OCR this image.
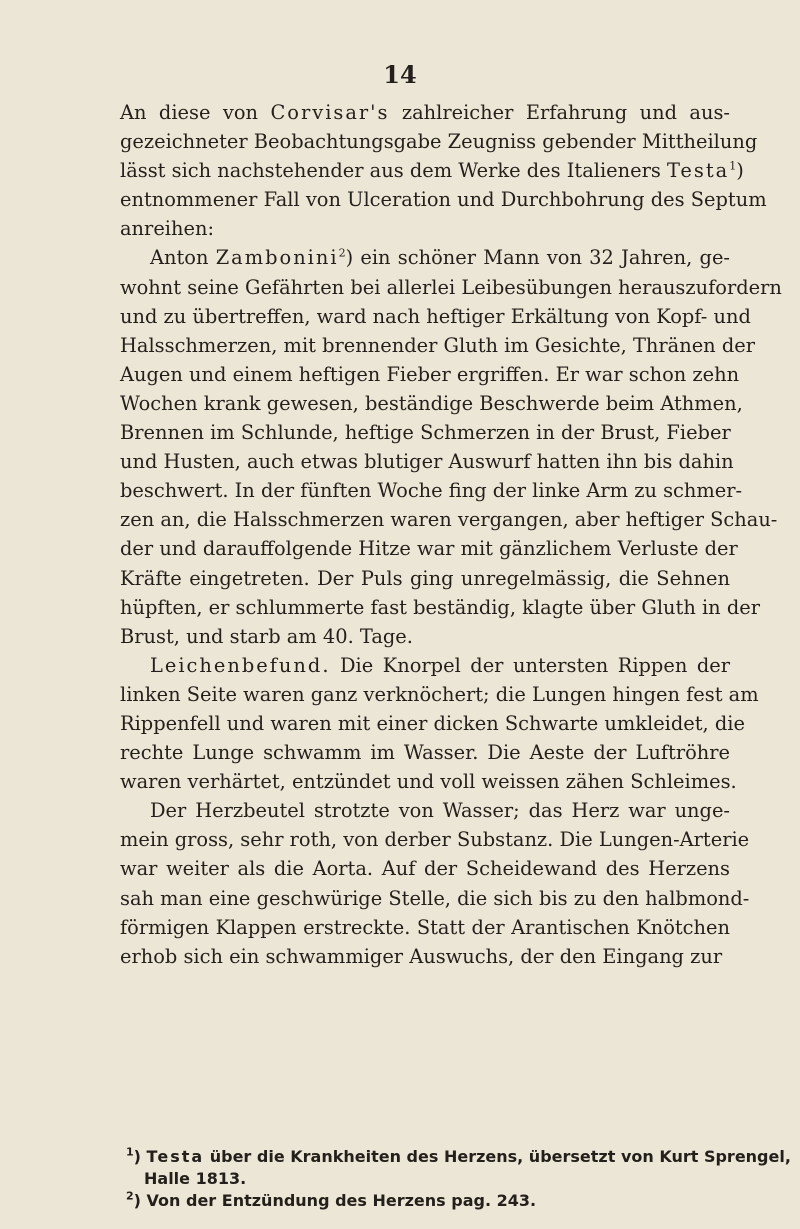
14
An diese von Corvisar's zahlreicher Erfahrung und aus-
gezeichneter Beobachtungsgabe Zeugniss gebender Mittheilung
lässt sich nachstehender aus dem Werke des Italieners Testa$^1$)
entnommener Fall von Ulceration und Durchbohrung des Septum
anreihen:
Anton Zambonini$^2$) ein schöner Mann von 32 Jahren, ge-
wohnt seine Gefährten bei allerlei Leibesübungen herauszufordern
und zu übertreffen, ward nach heftiger Erkältung von Kopf- und
Halsschmerzen, mit brennender Gluth im Gesichte, Thränen der
Augen und einem heftigen Fieber ergriffen. Er war schon zehn
Wochen krank gewesen, beständige Beschwerde beim Athmen,
Brennen im Schlunde, heftige Schmerzen in der Brust, Fieber
und Husten, auch etwas blutiger Auswurf hatten ihn bis dahin
beschwert. In der fünften Woche fing der linke Arm zu schmer-
zen an, die Halsschmerzen waren vergangen, aber heftiger Schau-
der und darauffolgende Hitze war mit gänzlichem Verluste der
Kräfte eingetreten. Der Puls ging unregelmässig, die Sehnen
hüpften, er schlummerte fast beständig, klagte über Gluth in der
Brust, und starb am 40. Tage.
Leichenbefund. Die Knorpel der untersten Rippen der
linken Seite waren ganz verknöchert; die Lungen hingen fest am
Rippenfell und waren mit einer dicken Schwarte umkleidet, die
rechte Lunge schwamm im Wasser. Die Aeste der Luftröhre
waren verhärtet, entzündet und voll weissen zähen Schleimes.
Der Herzbeutel strotzte von Wasser; das Herz war unge-
mein gross, sehr roth, von derber Substanz. Die Lungen-Arterie
war weiter als die Aorta. Auf der Scheidewand des Herzens
sah man eine geschwürige Stelle, die sich bis zu den halbmond-
förmigen Klappen erstreckte. Statt der Arantischen Knötchen
erhob sich ein schwammiger Auswuchs, der den Eingang zur
$^1$) Testa über die Krankheiten des Herzens, übersetzt von Kurt Sprengel,
Halle 1813.
$^2$) Von der Entzündung des Herzens pag. 243.
